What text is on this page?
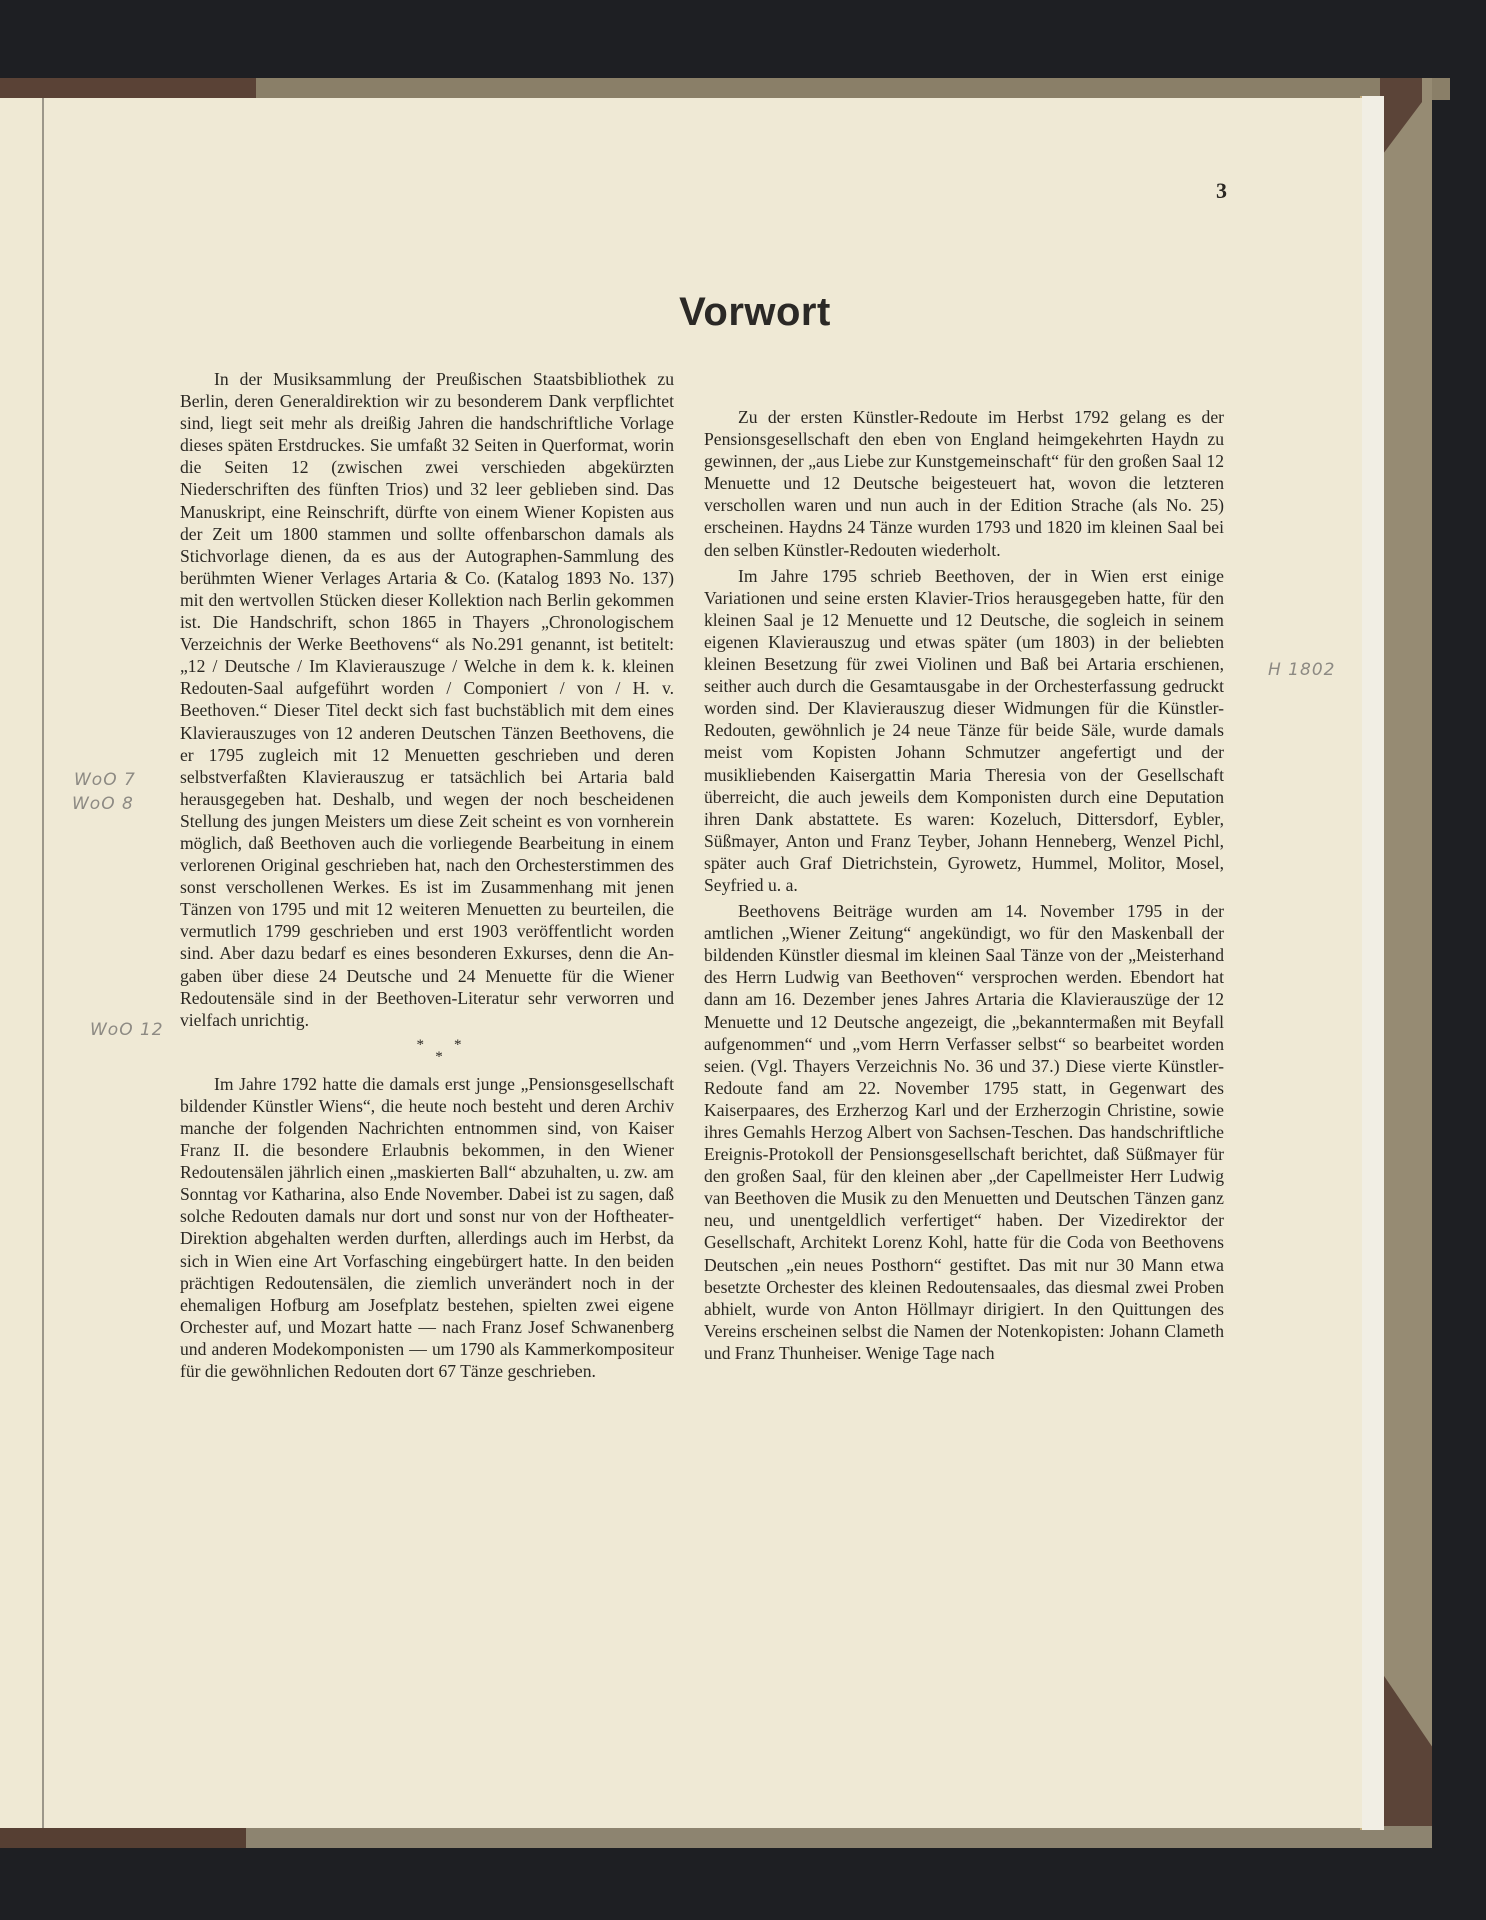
3
Vorwort

In der Musiksammlung der Preußischen Staatsbibliothek zu Berlin, deren Generaldirektion wir zu besonderem Dank verpflichtet sind, liegt seit mehr als dreißig Jahren die handschriftliche Vorlage dieses späten Erstdruckes. Sie umfaßt 32 Seiten in Querformat, worin die Seiten 12 (zwischen zwei verschieden abgekürzten Niederschriften des fünften Trios) und 32 leer geblieben sind. Das Manuskript, eine Reinschrift, dürfte von einem Wiener Kopisten aus der Zeit um 1800 stammen und sollte offenbarschon damals als Stichvorlage dienen, da es aus der Autographen-Sammlung des berühmten Wiener Verlages Artaria & Co. (Katalog 1893 No. 137) mit den wertvollen Stücken dieser Kollektion nach Berlin gekommen ist. Die Handschrift, schon 1865 in Thayers „Chronologischem Verzeichnis der Werke Beethovens“ als No.291 genannt, ist betitelt: „12 / Deutsche / Im Klavierauszuge / Welche in dem k. k. kleinen Redouten-Saal aufgeführt worden / Componiert / von / H. v. Beethoven.“ Dieser Titel deckt sich fast buchstäblich mit dem eines Klavierauszuges von 12 anderen Deutschen Tänzen Beethovens, die er 1795 zugleich mit 12 Menuetten geschrieben und deren selbstverfaßten Klavierauszug er tatsächlich bei Artaria bald herausgegeben hat. Deshalb, und wegen der noch bescheidenen Stellung des jungen Meisters um diese Zeit scheint es von vornherein möglich, daß Beethoven auch die vorliegende Bearbeitung in einem verlorenen Original geschrieben hat, nach den Orchesterstimmen des sonst verschollenen Werkes. Es ist im Zusammenhang mit jenen Tänzen von 1795 und mit 12 weiteren Menuetten zu beurteilen, die vermutlich 1799 geschrieben und erst 1903 veröffentlicht worden sind. Aber dazu bedarf es eines besonderen Exkurses, denn die Angaben über diese 24 Deutsche und 24 Menuette für die Wiener Redoutensäle sind in der Beethoven-Literatur sehr verworren und vielfach unrichtig.

* *
*

Im Jahre 1792 hatte die damals erst junge „Pensionsgesellschaft bildender Künstler Wiens“, die heute noch besteht und deren Archiv manche der folgenden Nachrichten entnommen sind, von Kaiser Franz II. die besondere Erlaubnis bekommen, in den Wiener Redoutensälen jährlich einen „maskierten Ball“ abzuhalten, u. zw. am Sonntag vor Katharina, also Ende November. Dabei ist zu sagen, daß solche Redouten damals nur dort und sonst nur von der Hoftheater-Direktion abgehalten werden durften, allerdings auch im Herbst, da sich in Wien eine Art Vorfasching eingebürgert hatte. In den beiden prächtigen Redoutensälen, die ziemlich unverändert noch in der ehemaligen Hofburg am Josefplatz bestehen, spielten zwei eigene Orchester auf, und Mozart hatte — nach Franz Josef Schwanenberg und anderen Modekomponisten — um 1790 als Kammerkompositeur für die gewöhnlichen Redouten dort 67 Tänze geschrieben.

Zu der ersten Künstler-Redoute im Herbst 1792 gelang es der Pensionsgesellschaft den eben von England heimgekehrten Haydn zu gewinnen, der „aus Liebe zur Kunstgemeinschaft“ für den großen Saal 12 Menuette und 12 Deutsche beigesteuert hat, wovon die letzteren verschollen waren und nun auch in der Edition Strache (als No. 25) erscheinen. Haydns 24 Tänze wurden 1793 und 1820 im kleinen Saal bei den selben Künstler-Redouten wiederholt.

Im Jahre 1795 schrieb Beethoven, der in Wien erst einige Variationen und seine ersten Klavier-Trios herausgegeben hatte, für den kleinen Saal je 12 Menuette und 12 Deutsche, die sogleich in seinem eigenen Klavierauszug und etwas später (um 1803) in der beliebten kleinen Besetzung für zwei Violinen und Baß bei Artaria erschienen, seither auch durch die Gesamtausgabe in der Orchesterfassung gedruckt worden sind. Der Klavierauszug dieser Widmungen für die Künstler-Redouten, gewöhnlich je 24 neue Tänze für beide Säle, wurde damals meist vom Kopisten Johann Schmutzer angefertigt und der musikliebenden Kaisergattin Maria Theresia von der Gesellschaft überreicht, die auch jeweils dem Komponisten durch eine Deputation ihren Dank abstattete. Es waren: Kozeluch, Dittersdorf, Eybler, Süßmayer, Anton und Franz Teyber, Johann Henneberg, Wenzel Pichl, später auch Graf Dietrichstein, Gyrowetz, Hummel, Molitor, Mosel, Seyfried u. a.

Beethovens Beiträge wurden am 14. November 1795 in der amtlichen „Wiener Zeitung“ angekündigt, wo für den Maskenball der bildenden Künstler diesmal im kleinen Saal Tänze von der „Meisterhand des Herrn Ludwig van Beethoven“ versprochen werden. Ebendort hat dann am 16. Dezember jenes Jahres Artaria die Klavierauszüge der 12 Menuette und 12 Deutsche angezeigt, die „bekanntermaßen mit Beyfall aufgenommen“ und „vom Herrn Verfasser selbst“ so bearbeitet worden seien. (Vgl. Thayers Verzeichnis No. 36 und 37.) Diese vierte Künstler-Redoute fand am 22. November 1795 statt, in Gegenwart des Kaiserpaares, des Erzherzog Karl und der Erzherzogin Christine, sowie ihres Gemahls Herzog Albert von Sachsen-Teschen. Das handschriftliche Ereignis-Protokoll der Pensionsgesellschaft berichtet, daß Süßmayer für den großen Saal, für den kleinen aber „der Capellmeister Herr Ludwig van Beethoven die Musik zu den Menuetten und Deutschen Tänzen ganz neu, und unentgeldlich verfertiget“ haben. Der Vizedirektor der Gesellschaft, Architekt Lorenz Kohl, hatte für die Coda von Beethovens Deutschen „ein neues Posthorn“ gestiftet. Das mit nur 30 Mann etwa besetzte Orchester des kleinen Redoutensaales, das diesmal zwei Proben abhielt, wurde von Anton Höllmayr dirigiert. In den Quittungen des Vereins erscheinen selbst die Namen der Notenkopisten: Johann Clameth und Franz Thunheiser. Wenige Tage nach

WoO 7
WoO 8
WoO 12
H 1802
